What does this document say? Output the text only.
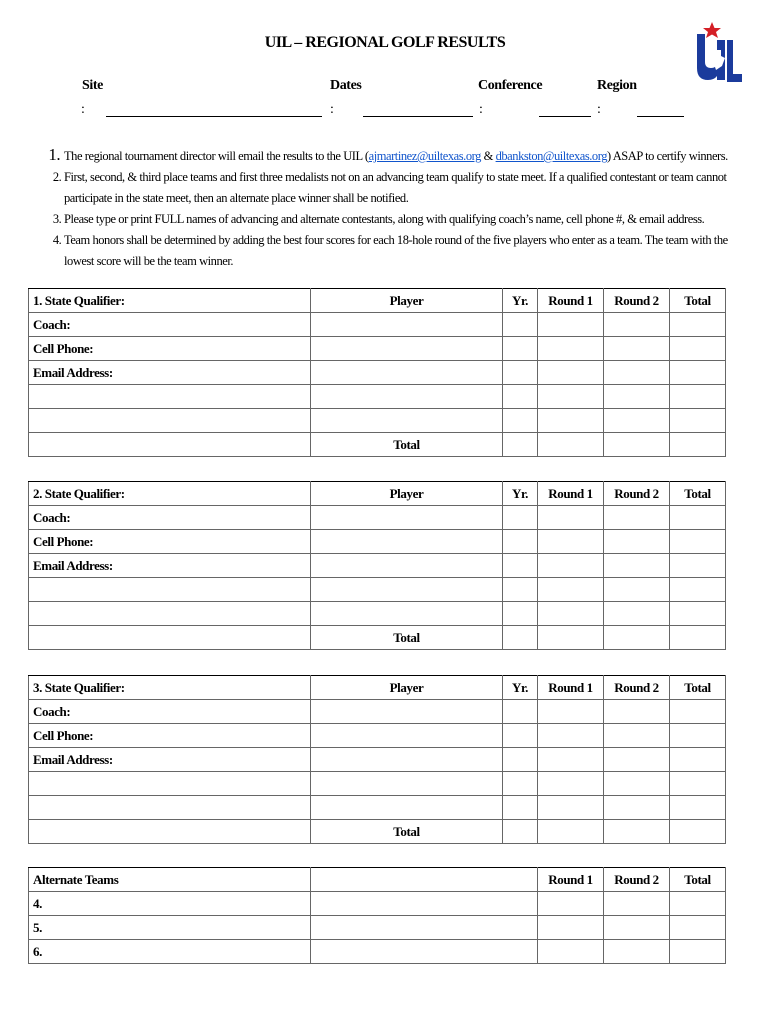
UIL – REGIONAL GOLF RESULTS
Site	Dates	Conference	Region
:	:	:	:
1. The regional tournament director will email the results to the UIL (ajmartinez@uiltexas.org & dbankston@uiltexas.org) ASAP to certify winners.
2. First, second, & third place teams and first three medalists not on an advancing team qualify to state meet. If a qualified contestant or team cannot participate in the state meet, then an alternate place winner shall be notified.
3. Please type or print FULL names of advancing and alternate contestants, along with qualifying coach’s name, cell phone #, & email address.
4. Team honors shall be determined by adding the best four scores for each 18-hole round of the five players who enter as a team. The team with the lowest score will be the team winner.
1. State Qualifier:	Player	Yr.	Round 1	Round 2	Total
Coach:					
Cell Phone:					
Email Address:					

	Total				
2. State Qualifier:	Player	Yr.	Round 1	Round 2	Total
Coach:					
Cell Phone:					
Email Address:					

	Total				
3. State Qualifier:	Player	Yr.	Round 1	Round 2	Total
Coach:					
Cell Phone:					
Email Address:					

	Total				
Alternate Teams		Round 1	Round 2	Total
4.				
5.				
6.				
